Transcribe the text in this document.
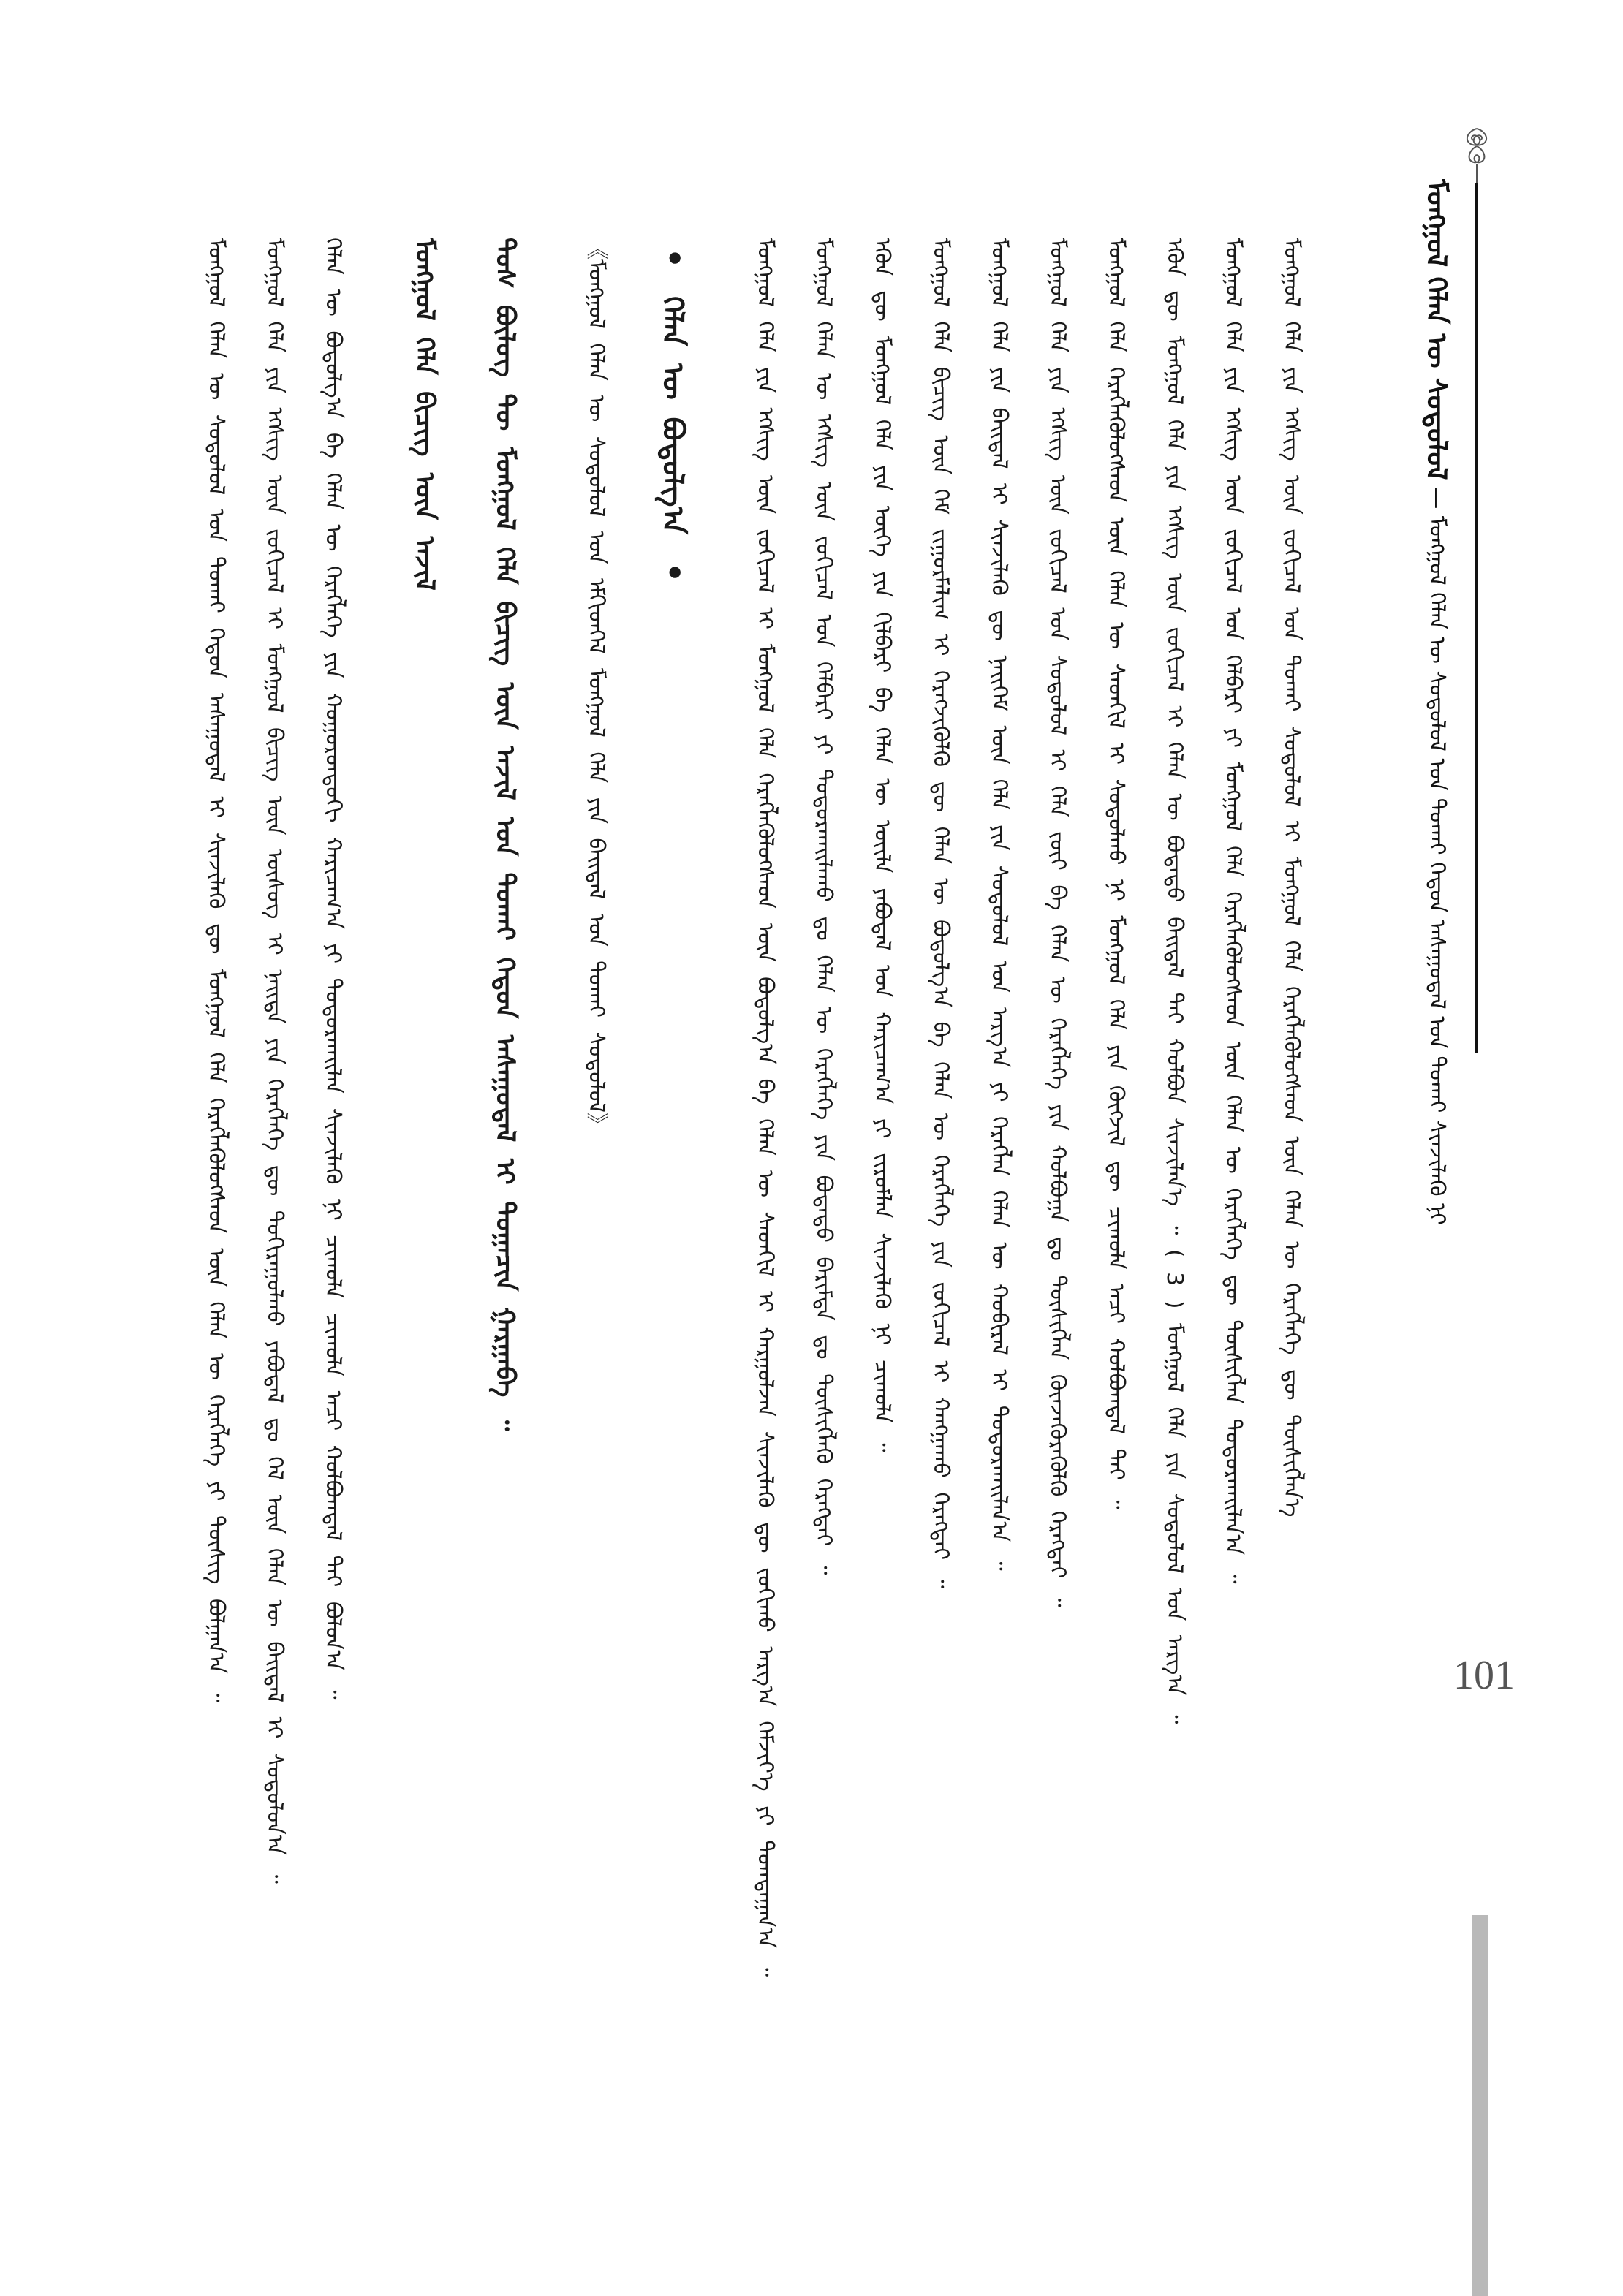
ᠮᠣᠩᠭᠣᠯ ᠬᠡᠯᠡᠨ ᠦ ᠰᠤᠳᠤᠯᠤᠯ — ᠮᠣᠩᠭᠣᠯ ᠬᠡᠯᠡᠨ ᠦ ᠰᠤᠳᠤᠯᠤᠯ ᠤᠨ ᠲᠤᠬᠠᠢ ᠬᠡᠳᠦᠨ ᠠᠰᠠᠭᠤᠳᠠᠯ ᠤᠨ ᠲᠤᠬᠠᠢ ᠰᠢᠨᠵᠢᠯᠡᠬᠦ ᠨᠢ
101

ᠮᠣᠩᠭᠣᠯ ᠬᠡᠯᠡᠨ ᠦ ᠰᠤᠳᠤᠯᠤᠯ ᠤᠨ ᠲᠤᠬᠠᠢ ᠬᠡᠳᠦᠨ ᠠᠰᠠᠭᠤᠳᠠᠯ ᠢ ᠰᠢᠨᠵᠢᠯᠡᠬᠦ ᠳᠦ ᠮᠣᠩᠭᠣᠯ ᠬᠡᠯᠡ ᠬᠡᠷᠡᠭᠯᠡᠭᠦᠯᠦᠭᠰᠡᠳ ᠦᠨ ᠬᠡᠯᠡᠨ ᠦ ᠬᠡᠷᠡᠭᠯᠡᠭᠡ ᠶᠢ ᠲᠦᠰᠢᠭ ᠪᠣᠯᠭᠠᠨ᠎ᠠ ᠃	ᠮᠣᠩᠭᠣᠯ ᠬᠡᠯᠡ ᠶᠢᠨ ᠡᠭᠰᠢᠭ ᠦᠨ ᠵᠣᠬᠢᠴᠠᠯ ᠢ ᠮᠣᠩᠭᠣᠯ ᠪᠢᠴᠢᠭ ᠦᠨ ᠦᠰᠦᠭ ᠢ ᠨᠡᠢᠲᠡ ᠶᠢᠨ ᠬᠡᠷᠡᠭᠯᠡᠭᠡ ᠳᠦ ᠲᠣᠬᠢᠷᠠᠭᠤᠯᠬᠤ ᠶᠠᠪᠤᠳᠠᠯ ᠳᠤ ᠭᠡᠯ ᠦᠨ ᠬᠡᠯᠡᠨ ᠦ ᠪᠠᠢᠳᠠᠯ ᠢ ᠰᠤᠳᠤᠯᠤᠨ᠎ᠠ ᠃	ᠬᠡᠯᠡᠨ ᠦ ᠪᠣᠳᠣᠯᠭ᠎ᠠ ᠪᠠ ᠬᠡᠯᠡᠨ ᠦ ᠬᠡᠷᠡᠭᠯᠡᠭᠡ ᠶᠢᠨ ᠬᠣᠭᠣᠷᠣᠨᠳᠣᠬᠢ ᠬᠠᠷᠢᠴᠠᠭ᠎ᠠ ᠶᠢ ᠲᠣᠳᠣᠷᠬᠠᠢᠯᠠᠨ ᠰᠢᠨᠵᠢᠯᠡᠬᠦ ᠨᠢ ᠴᠢᠬᠤᠯᠠ ᠴᠢᠬᠤᠯᠠ ᠠᠴᠢ ᠬᠣᠯᠪᠣᠭᠳᠠᠯ ᠲᠠᠢ ᠪᠣᠯᠤᠨ᠎ᠠ ᠃	ᠮᠣᠩᠭᠣᠯ ᠬᠡᠯᠡ ᠪᠢᠴᠢᠭ ᠦᠨ ᠠᠵᠢᠯ	ᠲᠤᠰ ᠪᠦᠯᠦᠭ ᠲᠦ ᠮᠣᠩᠭᠣᠯ ᠬᠡᠯᠡ ᠪᠢᠴᠢᠭ ᠦᠨ ᠠᠵᠢᠯ ᠤᠨ ᠲᠤᠬᠠᠢ ᠬᠡᠳᠦᠨ ᠠᠰᠠᠭᠤᠳᠠᠯ ᠢ ᠲᠣᠭᠠᠴᠢᠨ ᠭᠠᠷᠭᠠᠪᠠ ᠃	《ᠮᠣᠩᠭᠣᠯ ᠬᠡᠯᠡᠨ ᠦ ᠰᠤᠳᠤᠯᠤᠯ ᠤᠨ ᠡᠮᠬᠢᠳᠬᠡᠯ ᠮᠣᠩᠭᠣᠯ ᠬᠡᠯᠡ ᠶᠢᠨ ᠪᠠᠢᠳᠠᠯ ᠤᠨ ᠲᠤᠬᠠᠢ ᠰᠤᠳᠤᠯᠤᠯ》	• ᠬᠡᠯᠡᠨ ᠦ ᠪᠣᠳᠣᠯᠭ᠎ᠠ •	ᠮᠣᠩᠭᠣᠯ ᠬᠡᠯᠡ ᠶᠢᠨ ᠡᠭᠰᠢᠭ ᠦᠨ ᠵᠣᠬᠢᠴᠠᠯ ᠢ ᠮᠣᠩᠭᠣᠯ ᠬᠡᠯᠡ ᠬᠡᠷᠡᠭᠯᠡᠭᠦᠯᠦᠭᠰᠡᠳ ᠦᠨ ᠪᠣᠳᠣᠯᠭ᠎ᠠ ᠪᠠ ᠬᠡᠯᠡᠨ ᠦ ᠰᠡᠳᠬᠢᠯ ᠢ ᠬᠠᠷᠭᠤᠯᠵᠠᠨ ᠰᠢᠨᠵᠢᠯᠡᠬᠦ ᠳᠦ ᠵᠣᠬᠢᠬᠤ ᠠᠷᠭ᠎ᠠ ᠬᠡᠮᠵᠢᠶ᠎ᠡ ᠶᠢ ᠲᠣᠭᠲᠠᠭᠠᠨ᠎ᠠ ᠃	ᠮᠣᠩᠭᠣᠯ ᠬᠡᠯᠡᠨ ᠦ ᠡᠭᠰᠢᠭ ᠦᠨ ᠵᠣᠬᠢᠴᠠᠯ ᠤᠨ ᠬᠡᠯᠪᠡᠷᠢ ᠶᠢ ᠲᠣᠳᠣᠷᠬᠠᠢᠯᠠᠬᠤ ᠳᠤ ᠬᠡᠯᠡᠨ ᠦ ᠬᠡᠷᠡᠭᠯᠡᠭᠡ ᠶᠢᠨ ᠪᠣᠳᠠᠲᠤ ᠪᠠᠷᠢᠮᠲᠠ ᠳᠤ ᠲᠦᠰᠢᠭᠯᠡᠬᠦ ᠬᠡᠷᠡᠭᠲᠡᠢ ᠃	ᠡᠭᠦᠨ ᠳᠦ ᠮᠣᠩᠭᠣᠯ ᠬᠡᠯᠡ ᠶᠢᠨ ᠦᠭᠡ ᠶᠢᠨ ᠬᠢᠯᠪᠡᠷᠢ ᠪᠠ ᠬᠡᠯᠡᠨ ᠦ ᠦᠢᠯᠡ ᠶᠠᠪᠤᠳᠠᠯ ᠤᠨ ᠬᠠᠷᠢᠴᠠᠭ᠎ᠠ ᠶᠢ ᠵᠢᠷᠤᠮᠯᠠᠨ ᠰᠢᠨᠵᠢᠯᠡᠬᠦ ᠨᠢ ᠴᠢᠬᠤᠯᠠ ᠃	ᠮᠣᠩᠭᠣᠯ ᠬᠡᠯᠡ ᠪᠢᠴᠢᠭ ᠦᠨ ᠬᠡᠮ ᠵᠢᠭᠤᠷᠮᠠᠯᠢᠭ ᠢ ᠬᠡᠷᠡᠭᠵᠢᠭᠦᠯᠬᠦ ᠳᠦ ᠬᠡᠯᠡᠨ ᠦ ᠪᠣᠳᠣᠯᠭ᠎ᠠ ᠪᠠ ᠬᠡᠯᠡᠨ ᠦ ᠬᠡᠷᠡᠭᠯᠡᠭᠡ ᠶᠢᠨ ᠵᠣᠬᠢᠴᠠᠯ ᠢ ᠬᠠᠩᠭᠠᠬᠤ ᠬᠡᠷᠡᠭᠲᠡᠢ ᠃	ᠮᠣᠩᠭᠣᠯ ᠬᠡᠯᠡ ᠶᠢᠨ ᠪᠠᠢᠳᠠᠯ ᠢ ᠰᠢᠨᠵᠢᠯᠡᠬᠦ ᠳᠦ ᠨᠡᠢᠭᠡᠮ ᠦᠨ ᠬᠡᠯᠡ ᠶᠢᠨ ᠰᠤᠳᠤᠯᠤᠯ ᠤᠨ ᠠᠷᠭ᠎ᠠ ᠶᠢ ᠬᠡᠷᠡᠭᠯᠡᠨ ᠬᠡᠯᠡᠨ ᠦ ᠬᠤᠪᠢᠷᠠᠯ ᠢ ᠲᠣᠳᠣᠷᠬᠠᠢᠯᠠᠨ᠎ᠠ ᠃	ᠮᠣᠩᠭᠣᠯ ᠬᠡᠯᠡ ᠶᠢᠨ ᠡᠭᠰᠢᠭ ᠦᠨ ᠵᠣᠬᠢᠴᠠᠯ ᠤᠨ ᠰᠤᠳᠤᠯᠤᠯ ᠢ ᠬᠡᠯᠡ ᠵᠦᠢ ᠪᠠ ᠬᠡᠯᠡᠨ ᠦ ᠬᠡᠷᠡᠭᠯᠡᠭᠡ ᠶᠢᠨ ᠬᠣᠯᠪᠣᠭᠠ ᠳᠤ ᠲᠦᠰᠢᠭᠯᠡᠨ ᠭᠦᠨᠵᠡᠭᠦᠷᠡᠭᠦᠯᠬᠦ ᠬᠡᠷᠡᠭᠲᠡᠢ ᠃	ᠮᠣᠩᠭᠣᠯ ᠬᠡᠯᠡ ᠬᠡᠷᠡᠭᠯᠡᠭᠦᠯᠦᠭᠰᠡᠳ ᠦᠨ ᠬᠡᠯᠡᠨ ᠦ ᠰᠡᠳᠬᠢᠯ ᠢ ᠰᠤᠳᠤᠯᠬᠤ ᠨᠢ ᠮᠣᠩᠭᠣᠯ ᠬᠡᠯᠡ ᠶᠢᠨ ᠬᠦᠭᠵᠢᠯ ᠳᠦ ᠴᠢᠬᠤᠯᠠ ᠠᠴᠢ ᠬᠣᠯᠪᠣᠭᠳᠠᠯ ᠲᠠᠢ ᠃	ᠡᠭᠦᠨ ᠳᠦ ᠮᠣᠩᠭᠣᠯ ᠬᠡᠯᠡ ᠶᠢᠨ ᠡᠭᠰᠢᠭ ᠦᠨ ᠵᠣᠬᠢᠴᠠᠯ ᠢ ᠬᠡᠯᠡᠨ ᠦ ᠪᠣᠳᠠᠲᠤ ᠪᠠᠢᠳᠠᠯ ᠲᠠᠢ ᠬᠣᠯᠪᠣᠨ ᠰᠢᠨᠵᠢᠯᠡᠨ᠎ᠡ ᠃ ( 3 ) ᠮᠣᠩᠭᠣᠯ ᠬᠡᠯᠡ ᠶᠢᠨ ᠰᠤᠳᠤᠯᠤᠯ ᠤᠨ ᠠᠷᠭ᠎ᠠ ᠃	ᠮᠣᠩᠭᠣᠯ ᠬᠡᠯᠡ ᠶᠢᠨ ᠡᠭᠰᠢᠭ ᠦᠨ ᠵᠣᠬᠢᠴᠠᠯ ᠤᠨ ᠬᠡᠯᠪᠡᠷᠢ ᠶᠢ ᠮᠣᠩᠭᠣᠯ ᠬᠡᠯᠡ ᠬᠡᠷᠡᠭᠯᠡᠭᠦᠯᠦᠭᠰᠡᠳ ᠦᠨ ᠬᠡᠯᠡᠨ ᠦ ᠬᠡᠷᠡᠭᠯᠡᠭᠡ ᠳᠦ ᠲᠦᠰᠢᠭᠯᠡᠨ ᠲᠣᠳᠣᠷᠬᠠᠢᠯᠠᠨ᠎ᠠ ᠃	ᠮᠣᠩᠭᠣᠯ ᠬᠡᠯᠡ ᠶᠢᠨ ᠡᠭᠰᠢᠭ ᠦᠨ ᠵᠣᠬᠢᠴᠠᠯ ᠤᠨ ᠲᠤᠬᠠᠢ ᠰᠤᠳᠤᠯᠤᠯ ᠢ ᠮᠣᠩᠭᠣᠯ ᠬᠡᠯᠡ ᠬᠡᠷᠡᠭᠯᠡᠭᠦᠯᠦᠭᠰᠡᠳ ᠦᠨ ᠬᠡᠯᠡᠨ ᠦ ᠬᠡᠷᠡᠭᠯᠡᠭᠡ ᠳᠦ ᠲᠦᠰᠢᠭᠯᠡᠨ᠎ᠡ
